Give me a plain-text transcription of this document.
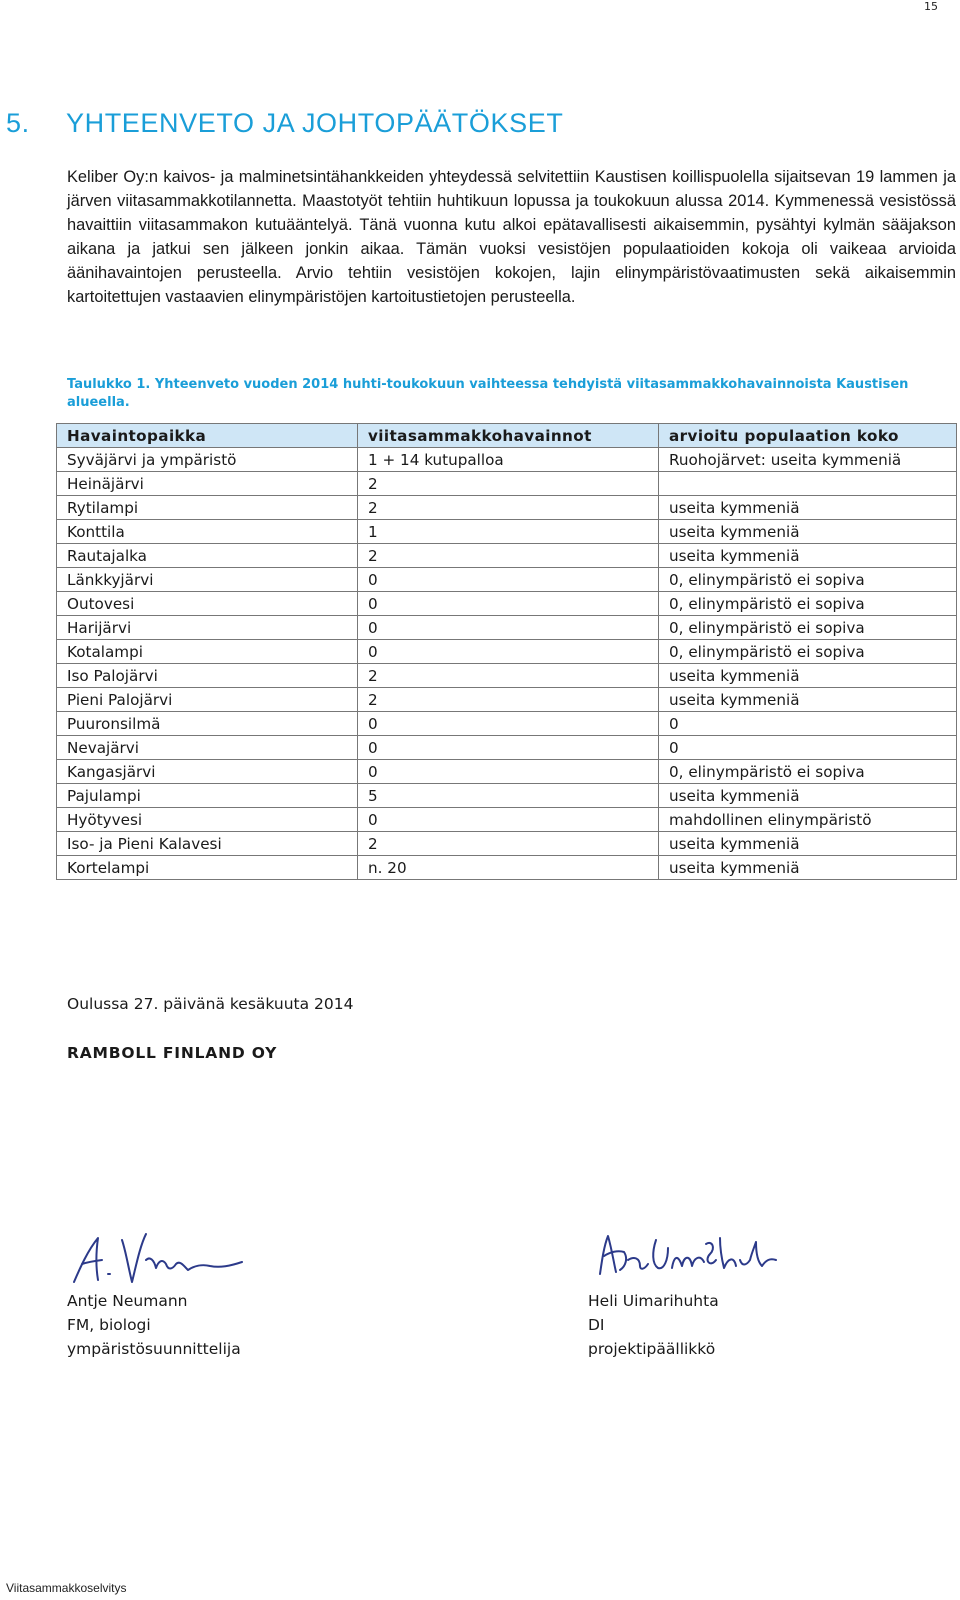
15
5. YHTEENVETO JA JOHTOPÄÄTÖKSET

Keliber Oy:n kaivos- ja malminetsintähankkeiden yhteydessä selvitettiin Kaustisen koillispuolella sijaitsevan 19 lammen ja järven viitasammakkotilannetta. Maastotyöt tehtiin huhtikuun lopussa ja toukokuun alussa 2014. Kymmenessä vesistössä havaittiin viitasammakon kutuääntelyä. Tänä vuonna kutu alkoi epätavallisesti aikaisemmin, pysähtyi kylmän sääjakson aikana ja jatkui sen jälkeen jonkin aikaa. Tämän vuoksi vesistöjen populaatioiden kokoja oli vaikeaa arvioida äänihavaintojen perusteella. Arvio tehtiin vesistöjen kokojen, lajin elinympäristövaatimusten sekä aikaisemmin kartoitettujen vastaavien elinympäristöjen kartoitustietojen perusteella.

Taulukko 1. Yhteenveto vuoden 2014 huhti-toukokuun vaihteessa tehdyistä viitasammakkohavainnoista Kaustisen alueella.

Havaintopaikka	viitasammakkohavainnot	arvioitu populaation koko
Syväjärvi ja ympäristö	1 + 14 kutupalloa	Ruohojärvet: useita kymmeniä
Heinäjärvi	2	
Rytilampi	2	useita kymmeniä
Konttila	1	useita kymmeniä
Rautajalka	2	useita kymmeniä
Länkkyjärvi	0	0, elinympäristö ei sopiva
Outovesi	0	0, elinympäristö ei sopiva
Harijärvi	0	0, elinympäristö ei sopiva
Kotalampi	0	0, elinympäristö ei sopiva
Iso Palojärvi	2	useita kymmeniä
Pieni Palojärvi	2	useita kymmeniä
Puuronsilmä	0	0
Nevajärvi	0	0
Kangasjärvi	0	0, elinympäristö ei sopiva
Pajulampi	5	useita kymmeniä
Hyötyvesi	0	mahdollinen elinympäristö
Iso- ja Pieni Kalavesi	2	useita kymmeniä
Kortelampi	n. 20	useita kymmeniä

Oulussa 27. päivänä kesäkuuta 2014

RAMBOLL FINLAND OY

Antje Neumann
FM, biologi
ympäristösuunnittelija
Heli Uimarihuhta
DI
projektipäällikkö
Viitasammakkoselvitys
